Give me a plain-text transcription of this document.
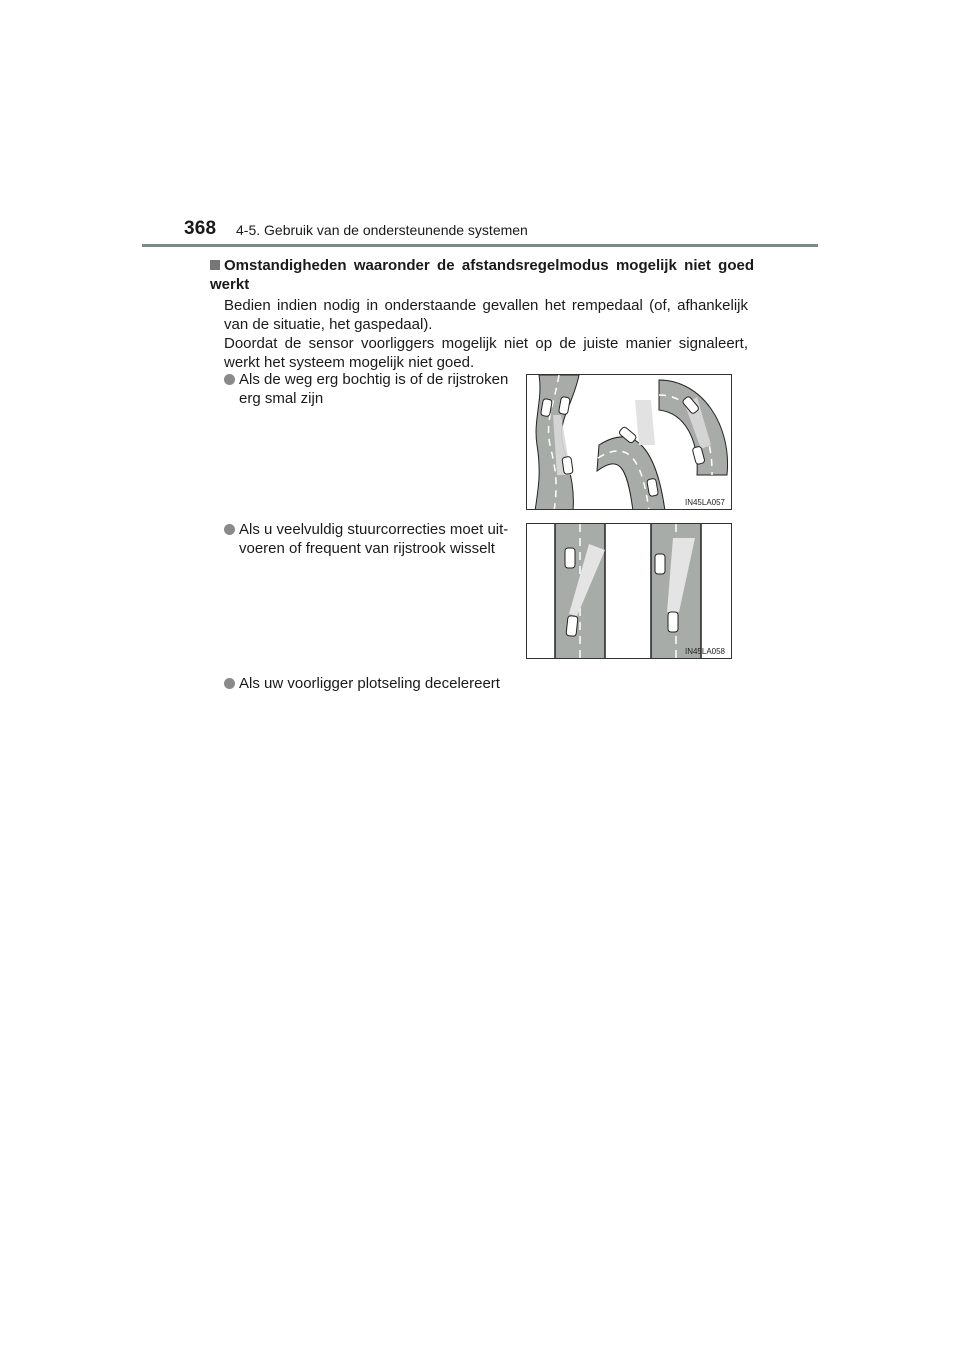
368 4-5. Gebruik van de ondersteunende systemen
Omstandigheden waaronder de afstandsregelmodus mogelijk niet goed werkt
Bedien indien nodig in onderstaande gevallen het rempedaal (of, afhankelijk van de situatie, het gaspedaal).
Doordat de sensor voorliggers mogelijk niet op de juiste manier signaleert, werkt het systeem mogelijk niet goed.
Als de weg erg bochtig is of de rijstroken erg smal zijn
IN45LA057
Als u veelvuldig stuurcorrecties moet uit-voeren of frequent van rijstrook wisselt
IN45LA058
Als uw voorligger plotseling decelereert
